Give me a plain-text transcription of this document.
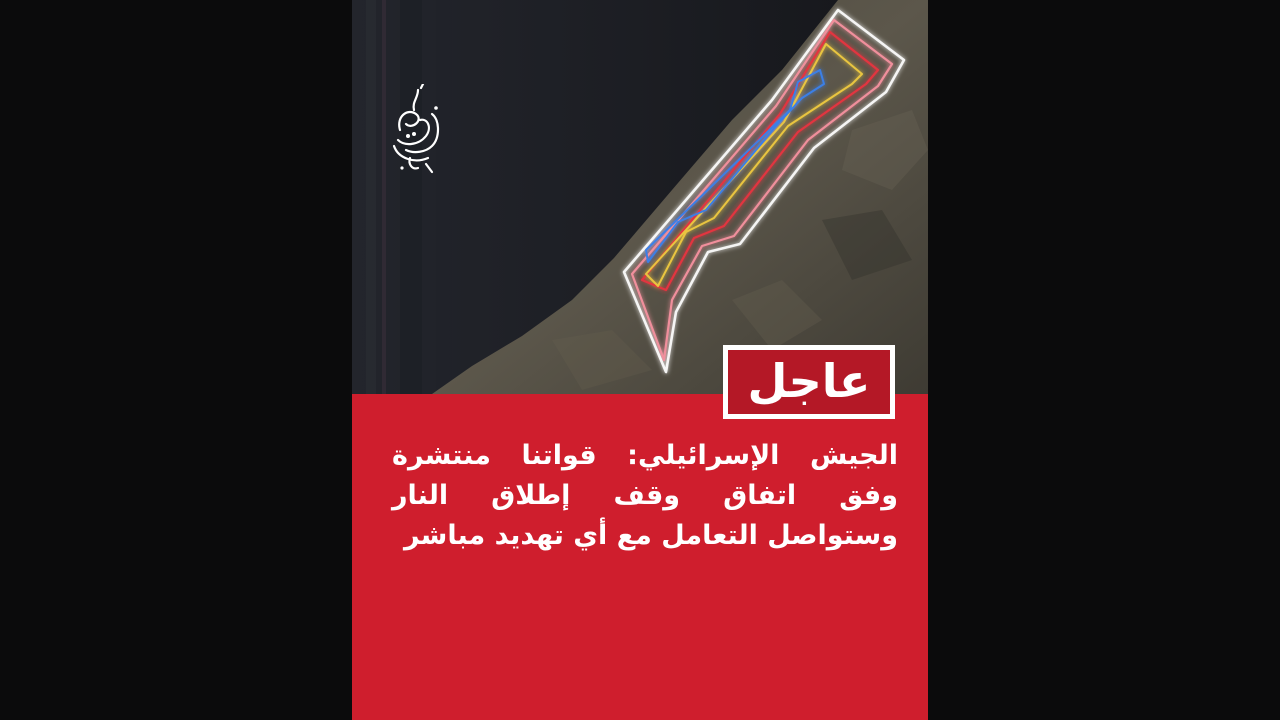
عاجل

الجيش الإسرائيلي: قواتنا منتشرة وفق اتفاق وقف إطلاق النار وستواصل التعامل مع أي تهديد مباشر
